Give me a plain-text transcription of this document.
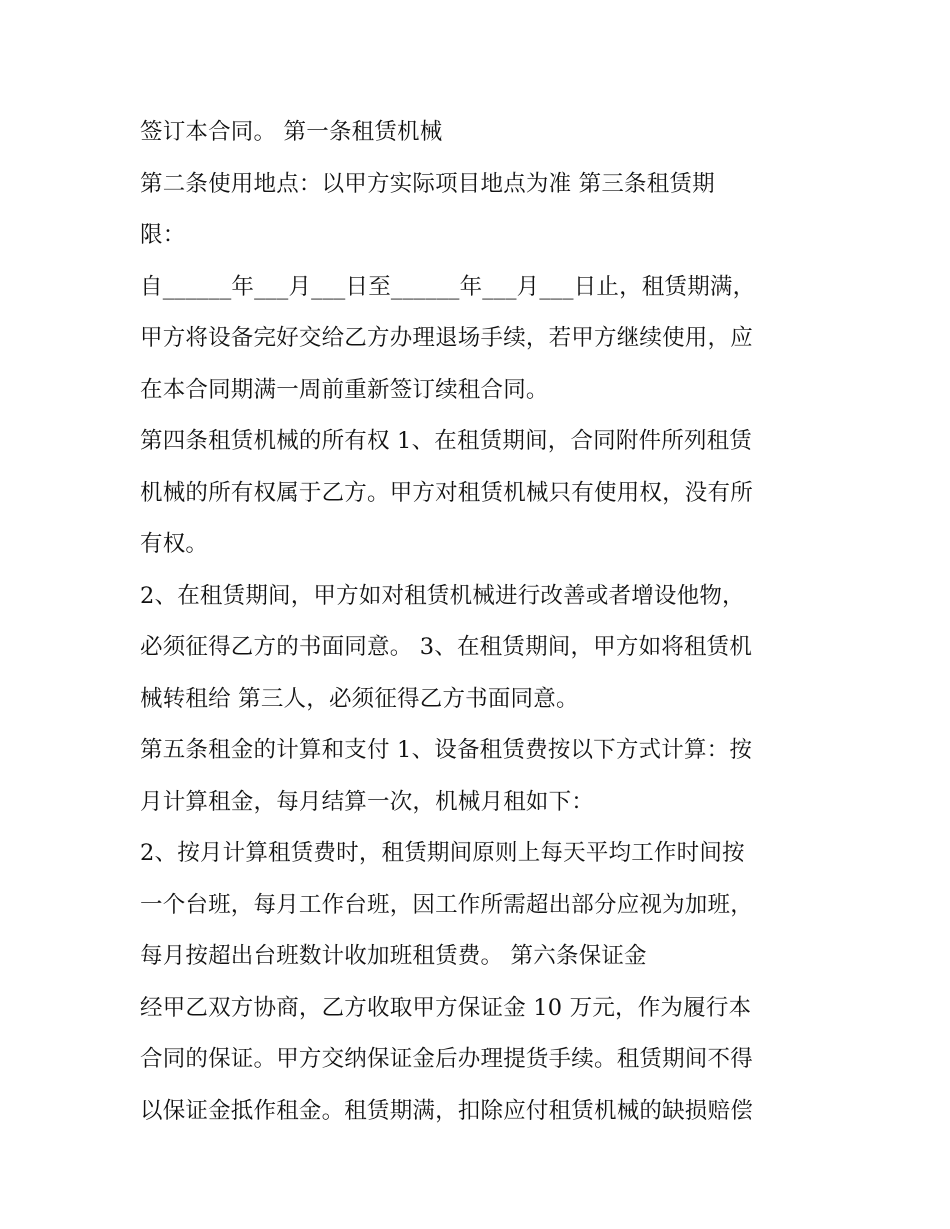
签订本合同。 第一条租赁机械
第二条使用地点：以甲方实际项目地点为准 第三条租赁期
限：
自______年___月___日至______年___月___日止，租赁期满，
甲方将设备完好交给乙方办理退场手续，若甲方继续使用，应
在本合同期满一周前重新签订续租合同。
第四条租赁机械的所有权 1、在租赁期间，合同附件所列租赁
机械的所有权属于乙方。甲方对租赁机械只有使用权，没有所
有权。
2、在租赁期间，甲方如对租赁机械进行改善或者增设他物，
必须征得乙方的书面同意。 3、在租赁期间，甲方如将租赁机
械转租给 第三人，必须征得乙方书面同意。
第五条租金的计算和支付 1、设备租赁费按以下方式计算：按
月计算租金，每月结算一次，机械月租如下：
2、按月计算租赁费时，租赁期间原则上每天平均工作时间按
一个台班，每月工作台班，因工作所需超出部分应视为加班，
每月按超出台班数计收加班租赁费。 第六条保证金
经甲乙双方协商，乙方收取甲方保证金 10 万元，作为履行本
合同的保证。甲方交纳保证金后办理提货手续。租赁期间不得
以保证金抵作租金。租赁期满，扣除应付租赁机械的缺损赔偿
